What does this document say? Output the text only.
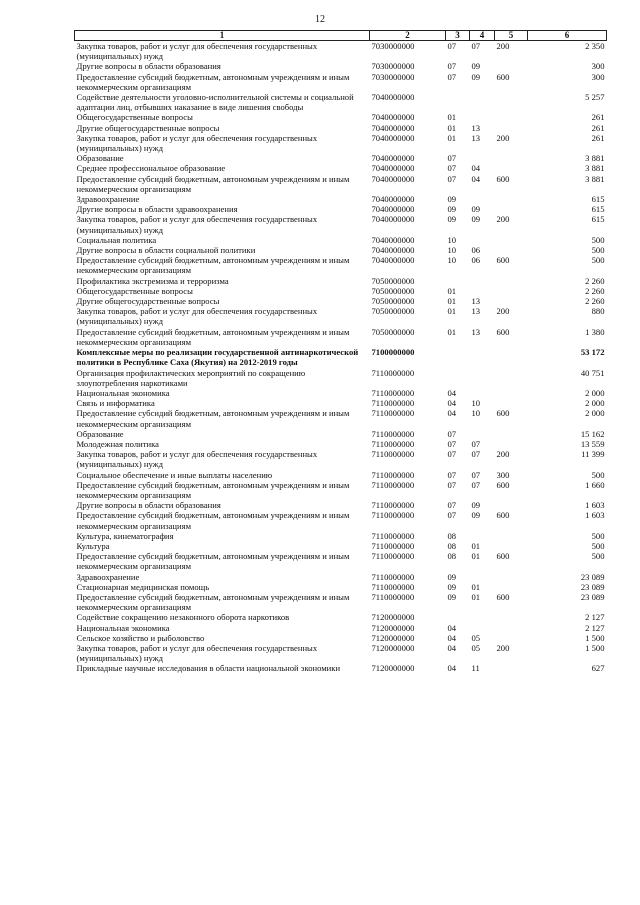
12
1	2	3	4	5	6
Закупка товаров, работ и услуг для обеспечения государственных (муниципальных) нужд	7030000000	07	07	200	2 350
Другие вопросы в области образования	7030000000	07	09		300
Предоставление субсидий бюджетным, автономным учреждениям и иным некоммерческим организациям	7030000000	07	09	600	300
Содействие деятельности уголовно-исполнительной системы и социальной адаптации лиц, отбывших наказание в виде лишения свободы	7040000000				5 257
Общегосударственные вопросы	7040000000	01			261
Другие общегосударственные вопросы	7040000000	01	13		261
Закупка товаров, работ и услуг для обеспечения государственных (муниципальных) нужд	7040000000	01	13	200	261
Образование	7040000000	07			3 881
Среднее профессиональное образование	7040000000	07	04		3 881
Предоставление субсидий бюджетным, автономным учреждениям и иным некоммерческим организациям	7040000000	07	04	600	3 881
Здравоохранение	7040000000	09			615
Другие вопросы в области здравоохранения	7040000000	09	09		615
Закупка товаров, работ и услуг для обеспечения государственных (муниципальных) нужд	7040000000	09	09	200	615
Социальная политика	7040000000	10			500
Другие вопросы в области социальной политики	7040000000	10	06		500
Предоставление субсидий бюджетным, автономным учреждениям и иным некоммерческим организациям	7040000000	10	06	600	500
Профилактика экстремизма и терроризма	7050000000				2 260
Общегосударственные вопросы	7050000000	01			2 260
Другие общегосударственные вопросы	7050000000	01	13		2 260
Закупка товаров, работ и услуг для обеспечения государственных (муниципальных) нужд	7050000000	01	13	200	880
Предоставление субсидий бюджетным, автономным учреждениям и иным некоммерческим организациям	7050000000	01	13	600	1 380
Комплексные меры по реализации государственной антинаркотической политики в Республике Саха (Якутия) на 2012-2019 годы	7100000000				53 172
Организация профилактических мероприятий по сокращению злоупотребления наркотиками	7110000000				40 751
Национальная экономика	7110000000	04			2 000
Связь и информатика	7110000000	04	10		2 000
Предоставление субсидий бюджетным, автономным учреждениям и иным некоммерческим организациям	7110000000	04	10	600	2 000
Образование	7110000000	07			15 162
Молодежная политика	7110000000	07	07		13 559
Закупка товаров, работ и услуг для обеспечения государственных (муниципальных) нужд	7110000000	07	07	200	11 399
Социальное обеспечение и иные выплаты населению	7110000000	07	07	300	500
Предоставление субсидий бюджетным, автономным учреждениям и иным некоммерческим организациям	7110000000	07	07	600	1 660
Другие вопросы в области образования	7110000000	07	09		1 603
Предоставление субсидий бюджетным, автономным учреждениям и иным некоммерческим организациям	7110000000	07	09	600	1 603
Культура, кинематография	7110000000	08			500
Культура	7110000000	08	01		500
Предоставление субсидий бюджетным, автономным учреждениям и иным некоммерческим организациям	7110000000	08	01	600	500
Здравоохранение	7110000000	09			23 089
Стационарная медицинская помощь	7110000000	09	01		23 089
Предоставление субсидий бюджетным, автономным учреждениям и иным некоммерческим организациям	7110000000	09	01	600	23 089
Содействие сокращению незаконного оборота наркотиков	7120000000				2 127
Национальная экономика	7120000000	04			2 127
Сельское хозяйство и рыболовство	7120000000	04	05		1 500
Закупка товаров, работ и услуг для обеспечения государственных (муниципальных) нужд	7120000000	04	05	200	1 500
Прикладные научные исследования в области национальной экономики	7120000000	04	11		627
